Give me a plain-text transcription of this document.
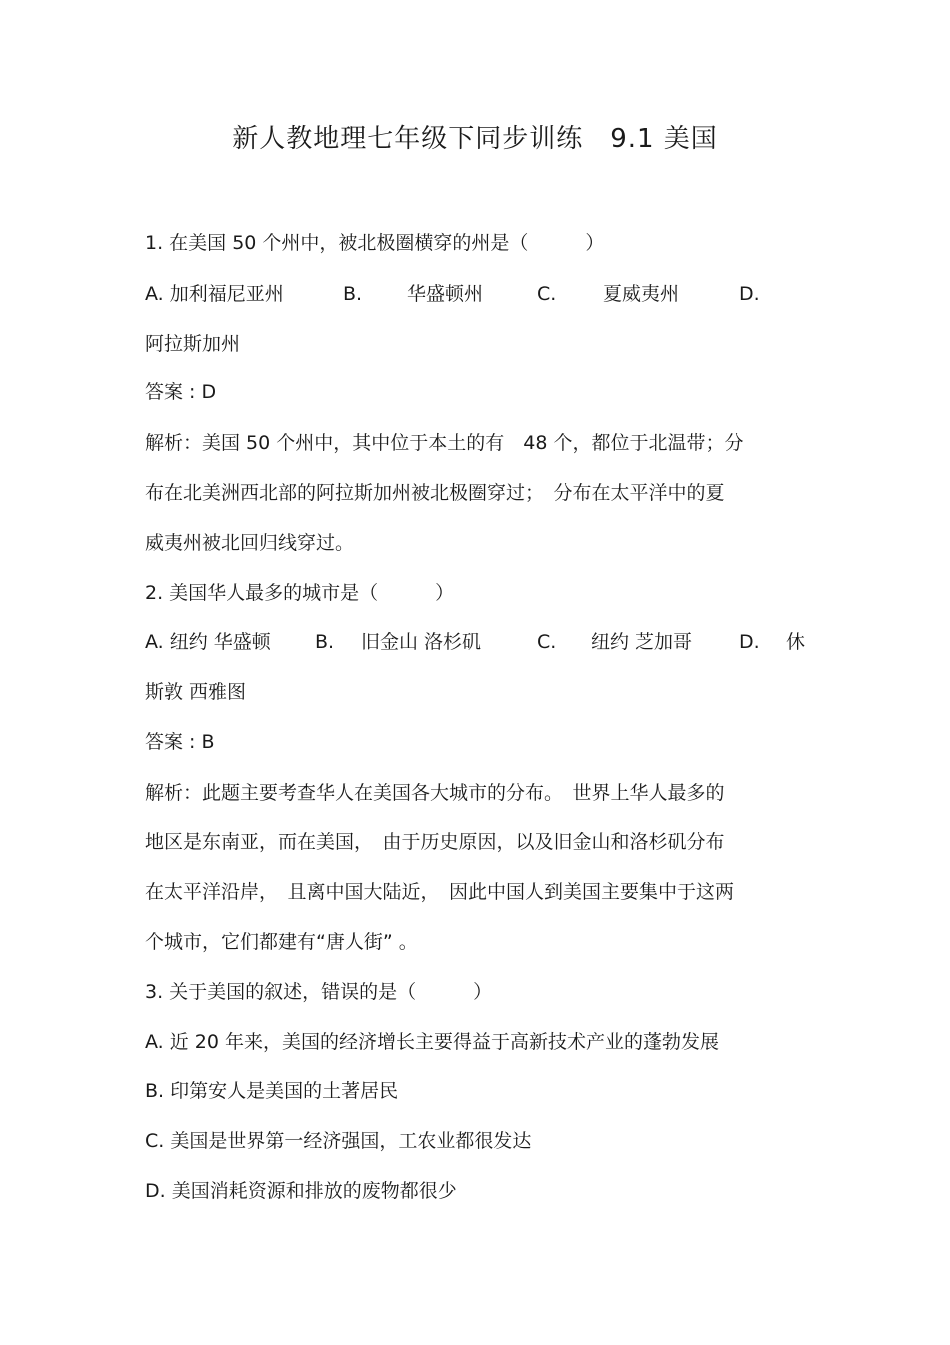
新人教地理七年级下同步训练　9.1 美国
1. 在美国 50 个州中，被北极圈横穿的州是（　　　）
A. 加利福尼亚州	B. 华盛顿州	C. 夏威夷州	D.
阿拉斯加州
答案 : D
解析：美国 50 个州中，其中位于本土的有　48 个，都位于北温带；分
布在北美洲西北部的阿拉斯加州被北极圈穿过；　分布在太平洋中的夏
威夷州被北回归线穿过。
2. 美国华人最多的城市是（　　　）
A. 纽约 华盛顿 B. 旧金山 洛杉矶	C. 纽约 芝加哥 D. 休
斯敦 西雅图
答案 : B
解析：此题主要考查华人在美国各大城市的分布。　世界上华人最多的
地区是东南亚，而在美国，　由于历史原因，以及旧金山和洛杉矶分布
在太平洋沿岸，　且离中国大陆近，　因此中国人到美国主要集中于这两
个城市，它们都建有“唐人街” 。
3. 关于美国的叙述，错误的是（　　　）
A. 近 20 年来，美国的经济增长主要得益于高新技术产业的蓬勃发展
B. 印第安人是美国的土著居民
C. 美国是世界第一经济强国，工农业都很发达
D. 美国消耗资源和排放的废物都很少
